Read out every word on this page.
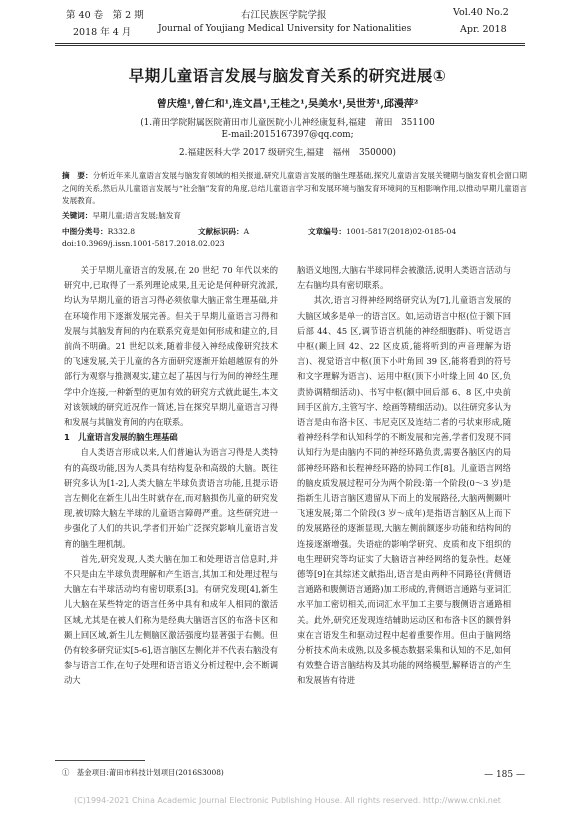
第 40 卷　第 2 期
2018 年 4 月
右江民族医学院学报
Journal of Youjiang Medical University for Nationalities
Vol.40 No.2
Apr. 2018
早期儿童语言发展与脑发育关系的研究进展①
曾庆煌¹,曾仁和¹,连文昌¹,王桂之¹,吴美水¹,吴世芳¹,邱漫萍²
(1.莆田学院附属医院莆田市儿童医院小儿神经康复科,福建　莆田　351100
E-mail:2015167397@qq.com;
2.福建医科大学 2017 级研究生,福建　福州　350000)
摘　要：分析近年来儿童语言发展与脑发育领域的相关报道,研究儿童语言发展的脑生理基础,探究儿童语言发展关键期与脑发育机会窗口期之间的关系,然后从儿童语言发展与“社会脑”发育的角度,总结儿童语言学习和发展环境与脑发育环境间的互相影响作用,以推动早期儿童语言发展教育。
关键词：早期儿童;语言发展;脑发育
中图分类号：R332.8	文献标识码：A	文章编号：1001-5817(2018)02-0185-04
doi:10.3969/j.issn.1001-5817.2018.02.023

关于早期儿童语言的发展,在 20 世纪 70 年代以来的研究中,已取得了一系列理论成果,且无论是何种研究流派,均认为早期儿童的语言习得必须依靠大脑正常生理基础,并在环境作用下逐渐发展完善。但关于早期儿童语言习得和发展与其脑发育间的内在联系究竟是如何形成和建立的,目前尚不明确。21 世纪以来,随着非侵入神经成像研究技术的飞速发展,关于儿童的各方面研究逐渐开始超越原有的外部行为观察与推测观实,建立起了基因与行为间的神经生理学中介连接,一种新型的更加有效的研究方式就此诞生,本文对该领域的研究近况作一简述,旨在探究早期儿童语言习得和发展与其脑发育间的内在联系。

1　儿童语言发展的脑生理基础

自人类语言形成以来,人们普遍认为语言习得是人类特有的高级功能,因为人类具有结构复杂和高级的大脑。既往研究多认为[1-2],人类大脑左半球负责语言功能,且提示语言左侧化在新生儿出生时就存在,而对脑损伤儿童的研究发现,被切除大脑左半球的儿童语言障碍严重。这些研究进一步强化了人们的共识,学者们开始广泛探究影响儿童语言发育的脑生理机制。

首先,研究发现,人类大脑在加工和处理语言信息时,并不只是由左半球负责理解和产生语言,其加工和处理过程与大脑左右半球活动均有密切联系[3]。有研究发现[4],新生儿大脑在某些特定的语言任务中具有和成年人相同的激活区域,尤其是在被人们称为是经典大脑语言区的布洛卡区和颞上回区域,新生儿左侧脑区激活强度均显著强于右侧。但仍有较多研究证实[5-6],语言脑区左侧化并不代表右脑没有参与语言工作,在句子处理和语言语义分析过程中,会不断调动大

脑语义地图,大脑右半球同样会被激活,说明人类语言活动与左右脑均具有密切联系。

其次,语言习得神经网络研究认为[7],儿童语言发展的大脑区域多是单一的语言区。如,运动语言中枢(位于额下回后部 44、45 区,调节语言机能的神经细胞群)、听觉语言中枢(颞上回 42、22 区皮质,能将听到的声音理解为语言)、视觉语言中枢(顶下小叶角回 39 区,能将看到的符号和文字理解为语言)、运用中枢(顶下小叶缘上回 40 区,负责协调精细活动)、书写中枢(额中回后部 6、8 区,中央前回手区前方,主管写字、绘画等精细活动)。以往研究多认为语言是由布洛卡区、韦尼克区及连结二者的弓状束形成,随着神经科学和认知科学的不断发展和完善,学者们发现不同认知行为是由脑内不同的神经环路负责,需要各脑区内的局部神经环路和长程神经环路的协同工作[8]。儿童语言网络的脑皮质发展过程可分为两个阶段:第一个阶段(0～3 岁)是指新生儿语言脑区遗留从下而上的发展路径,大脑两侧颞叶飞速发展;第二个阶段(3 岁～成年)是指语言脑区从上而下的发展路径的逐渐显现,大脑左侧前额逐步功能和结构间的连接逐渐增强。失语症的影响学研究、皮质和皮下组织的电生理研究等均证实了大脑语言神经网络的复杂性。赵娅德等[9]在其综述文献指出,语言是由两种不同路径(背侧语言通路和腹侧语言通路)加工形成的,背侧语言通路与亚词汇水平加工密切相关,而词汇水平加工主要与腹侧语言通路相关。此外,研究还发现连结辅助运动区和布洛卡区的额骨斜束在言语发生和驱动过程中起着重要作用。但由于脑网络分析技术尚未成熟,以及多模态数据采集和认知的不足,如何有效整合语言脑结构及其功能的网络模型,解释语言的产生和发展皆有待进

①　基金项目:莆田市科技计划项目(2016S3008)	— 185 —
(C)1994-2021 China Academic Journal Electronic Publishing House. All rights reserved. http://www.cnki.net
